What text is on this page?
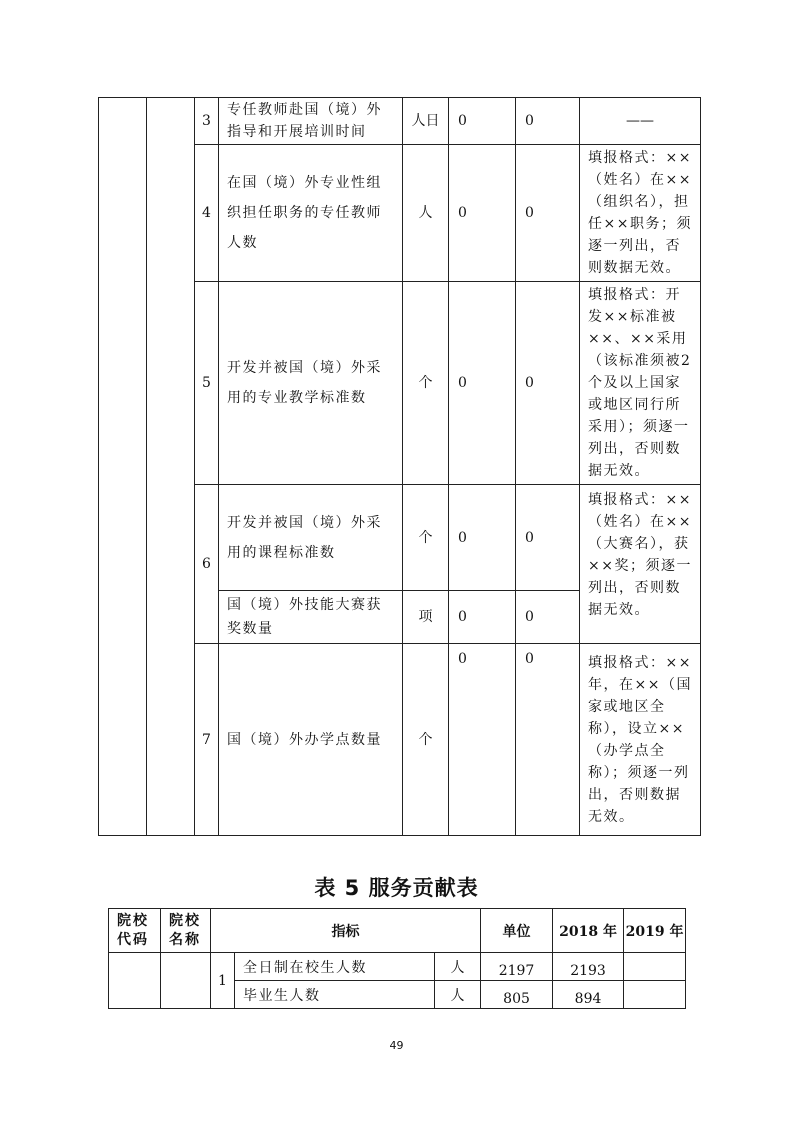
		3	专任教师赴国（境）外指导和开展培训时间	人日	0	0	——
		4	在国（境）外专业性组织担任职务的专任教师人数	人	0	0	填报格式：××（姓名）在××（组织名），担任××职务；须逐一列出，否则数据无效。
		5	开发并被国（境）外采用的专业教学标准数	个	0	0	填报格式：开发××标准被××、××采用（该标准须被2个及以上国家或地区同行所采用）；须逐一列出，否则数据无效。
		6	开发并被国（境）外采用的课程标准数	个	0	0	填报格式：××（姓名）在××（大赛名），获××奖；须逐一列出，否则数据无效。
			国（境）外技能大赛获奖数量	项	0	0	
		7	国（境）外办学点数量	个	0	0	填报格式：××年，在××（国家或地区全称），设立××（办学点全称）；须逐一列出，否则数据无效。
表 5 服务贡献表
院校代码	院校名称	指标			单位	2018 年	2019 年	
		1	全日制在校生人数	人	2197	2193		
			毕业生人数	人	805	894		
49
